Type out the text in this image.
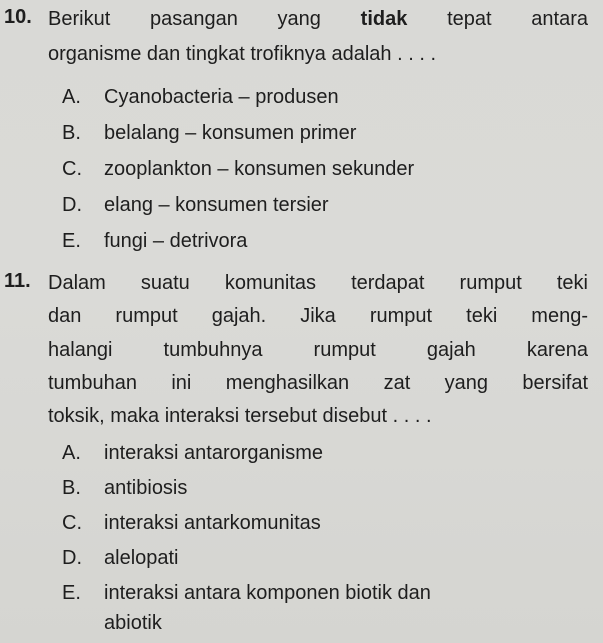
10. Berikut pasangan yang tidak tepat antara
organisme dan tingkat trofiknya adalah . . . .
A. Cyanobacteria – produsen
B. belalang – konsumen primer
C. zooplankton – konsumen sekunder
D. elang – konsumen tersier
E. fungi – detrivora
11. Dalam suatu komunitas terdapat rumput teki
dan rumput gajah. Jika rumput teki meng-
halangi tumbuhnya rumput gajah karena
tumbuhan ini menghasilkan zat yang bersifat
toksik, maka interaksi tersebut disebut . . . .
A. interaksi antarorganisme
B. antibiosis
C. interaksi antarkomunitas
D. alelopati
E. interaksi antara komponen biotik dan
abiotik
